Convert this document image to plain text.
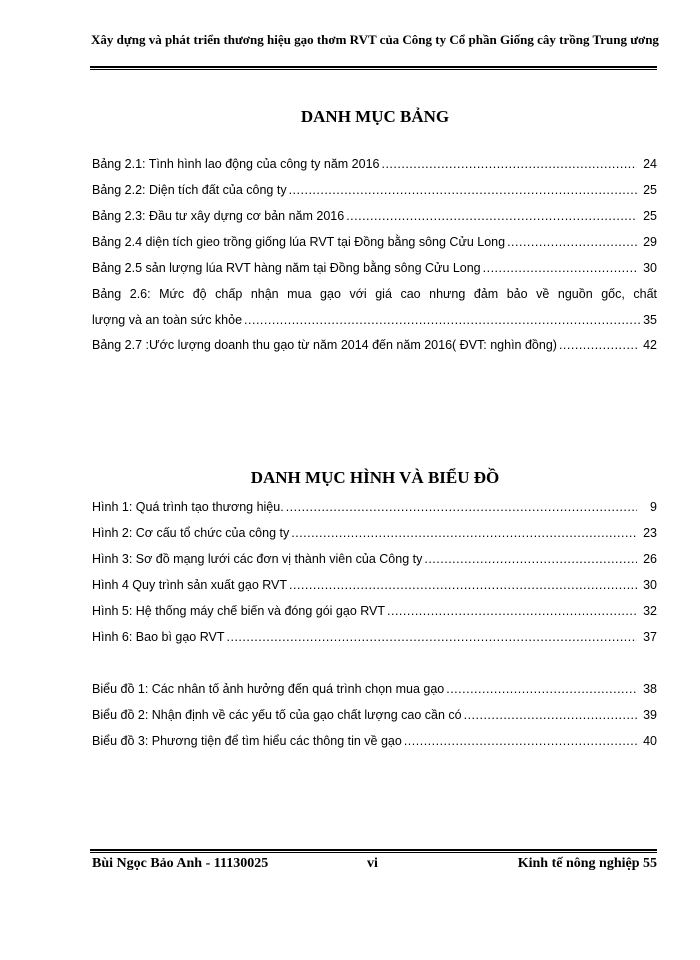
Xây dựng và phát triển thương hiệu gạo thơm RVT của Công ty Cổ phần Giống cây trồng Trung ương
DANH MỤC BẢNG
Bảng 2.1: Tình hình lao động của công ty năm 2016 .....	24
Bảng 2.2: Diện tích đất của công ty .....	25
Bảng 2.3: Đầu tư xây dựng cơ bản năm 2016 .....	25
Bảng 2.4 diện tích gieo trồng giống lúa RVT tại Đồng bằng sông Cửu Long .....	29
Bảng 2.5 sản lượng lúa RVT hàng năm tại Đồng bằng sông Cửu Long .....	30
Bảng 2.6: Mức độ chấp nhận mua gạo với giá cao nhưng đảm bảo về nguồn gốc, chất
lượng và an toàn sức khỏe .....	35
Bảng 2.7 :Ước lượng doanh thu gạo từ năm 2014 đến năm 2016( ĐVT: nghìn đồng) .....	42
DANH MỤC HÌNH VÀ BIỂU ĐỒ
Hình 1: Quá trình tạo thương hiệu. .....	9
Hình 2: Cơ cấu tổ chức của công ty .....	23
Hình 3: Sơ đồ mạng lưới các đơn vị thành viên của Công ty .....	26
Hình 4 Quy trình sản xuất gạo RVT .....	30
Hình 5: Hệ thống máy chế biến và đóng gói gạo RVT .....	32
Hình 6: Bao bì gạo RVT .....	37
Biểu đồ 1: Các nhân tố ảnh hưởng đến quá trình chọn mua gạo .....	38
Biểu đồ 2: Nhận định về các yếu tố của gạo chất lượng cao cần có .....	39
Biểu đồ 3: Phương tiện để tìm hiểu các thông tin về gạo .....	40
Bùi Ngọc Bảo Anh - 11130025	vi	Kinh tế nông nghiệp 55
